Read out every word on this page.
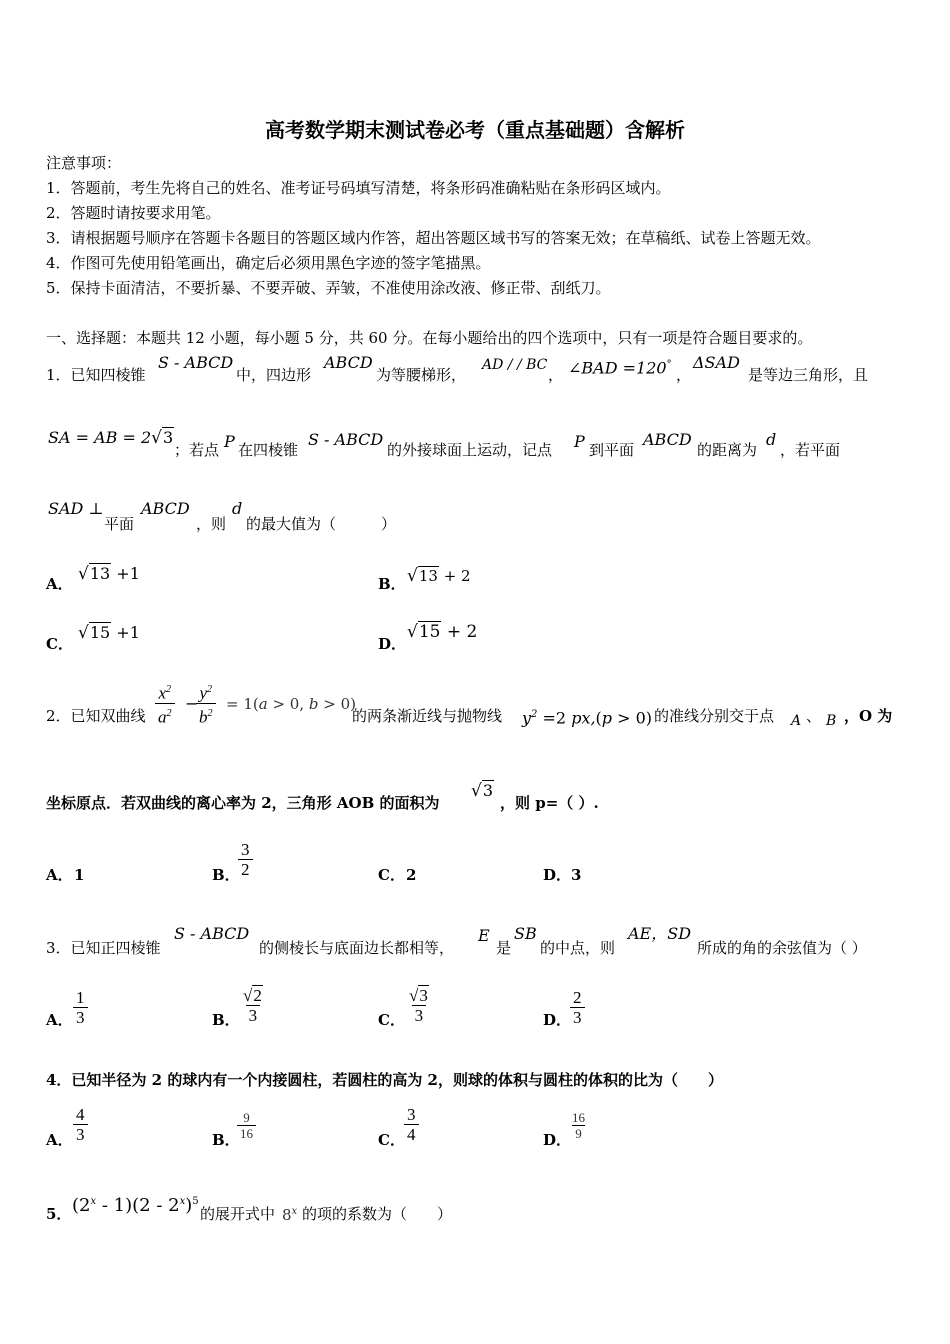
高考数学期末测试卷必考（重点基础题）含解析
注意事项：
1．答题前，考生先将自己的姓名、准考证号码填写清楚，将条形码准确粘贴在条形码区域内。
2．答题时请按要求用笔。
3．请根据题号顺序在答题卡各题目的答题区域内作答，超出答题区域书写的答案无效；在草稿纸、试卷上答题无效。
4．作图可先使用铅笔画出，确定后必须用黑色字迹的签字笔描黑。
5．保持卡面清洁，不要折暴、不要弄破、弄皱，不准使用涂改液、修正带、刮纸刀。
一、选择题：本题共 12 小题，每小题 5 分，共 60 分。在每小题给出的四个选项中，只有一项是符合题目要求的。
1．已知四棱锥
S - ABCD
中，四边形
ABCD
为等腰梯形，
AD / / BC
， ∠BAD =120°
，
ΔSAD
是等边三角形，且
SA = AB = 2√3
；若点 P 在四棱锥
S - ABCD
的外接球面上运动，记点 P 到平面
ABCD
的距离为
d
，若平面
SAD ⊥
平面
ABCD
，则
d
的最大值为（　　　）
A． √13 +1
B． √13 + 2
C．
√15 +1
D．
√15 + 2
2．已知双曲线 $\frac{x^2}{a^2}$ −
$\frac{y^2}{b^2} = 1(a > 0$, b > 0)
的两条渐近线与抛物线 $y^2 =2$ px,(p > 0) 的准线分别交于点 A 、 B ，O 为
坐标原点．若双曲线的离心率为 2，三角形 AOB 的面积为
√3
，则 p=（ ）.
A． 1	B．
$\frac{3}{2}$	C． 2	D． 3
3．已知正四棱锥
S - ABCD
的侧棱长与底面边长都相等，
E
是
SB
的中点，则
AE，SD
所成的角的余弦值为（ ）
A． $\frac{1}{3}$	B． $\frac{√2}{3}$	C． $\frac{√3}{3}$	D．
$\frac{2}{3}$
4．已知半径为 2 的球内有一个内接圆柱，若圆柱的高为 2，则球的体积与圆柱的体积的比为（　　）
A． $\frac{4}{3}$	B．
$\frac{9}{16}$	C． $\frac{3}{4}$	D．
$\frac{16}{9}$
5． (2$^x$ - 1)(2 - 2$^x$)$^5$
的展开式中 8$^x$ 的项的系数为（　　）
